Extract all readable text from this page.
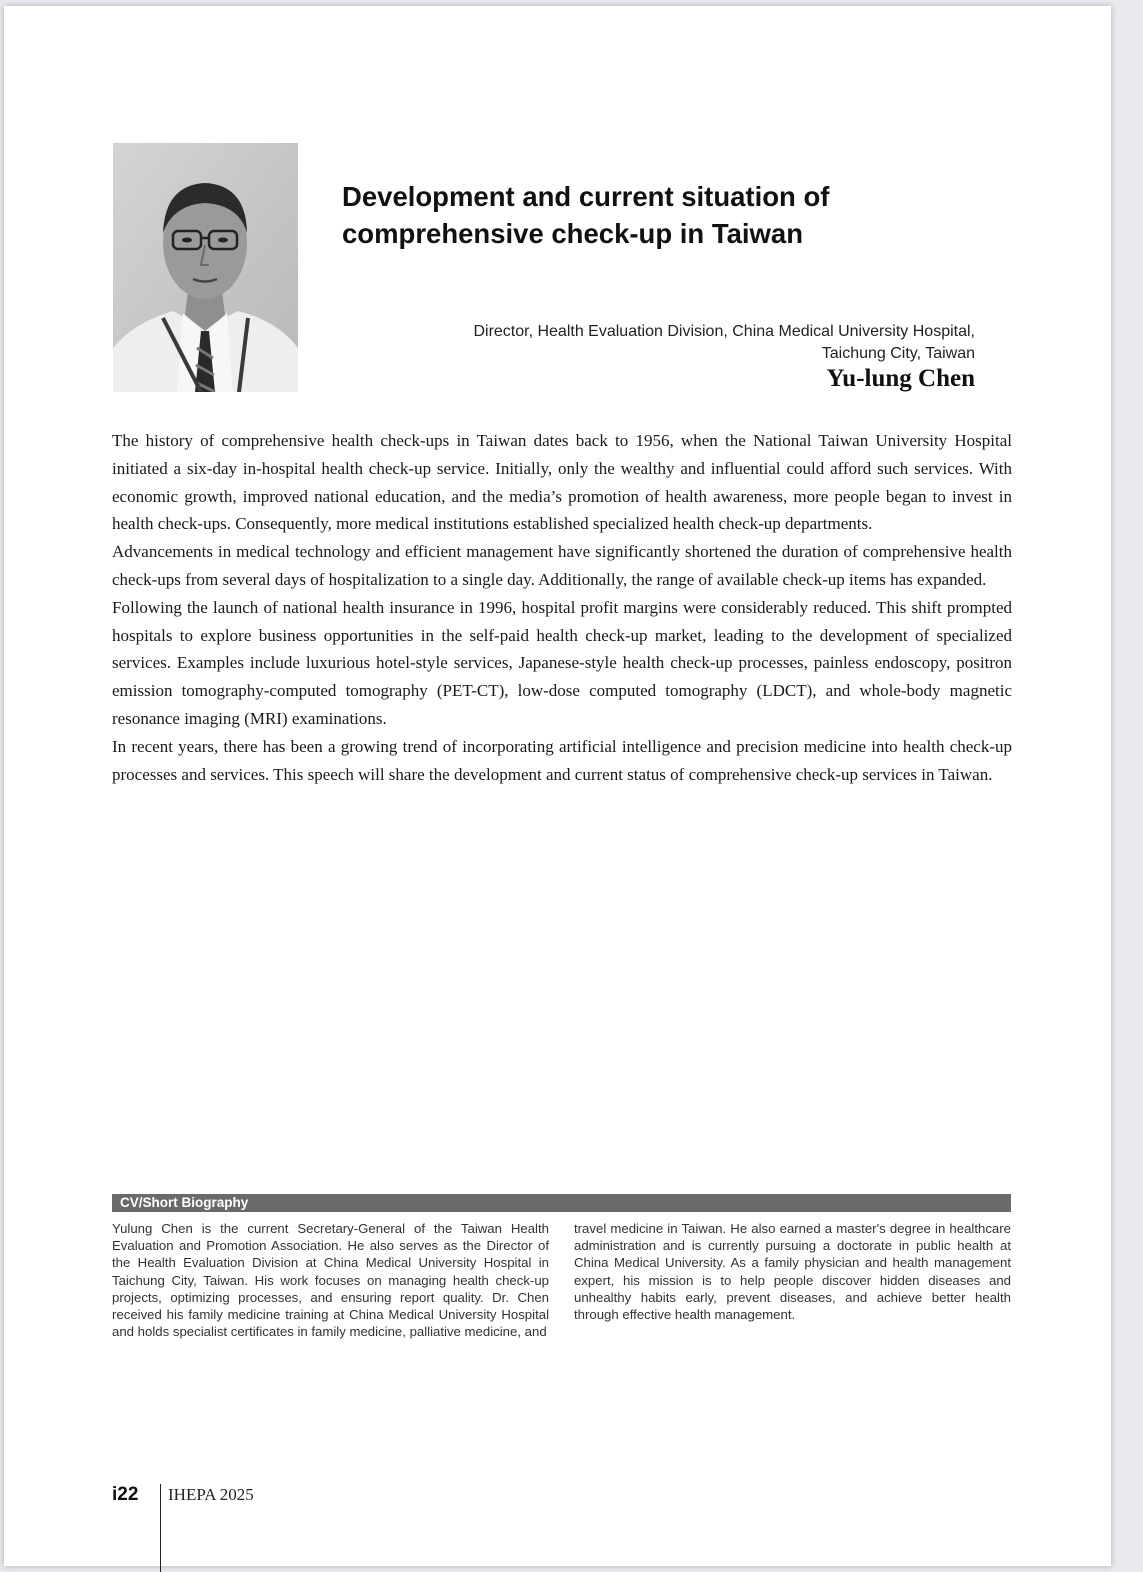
Development and current situation of
comprehensive check-up in Taiwan
Director, Health Evaluation Division, China Medical University Hospital,
Taichung City, Taiwan
Yu-lung Chen

The history of comprehensive health check-ups in Taiwan dates back to 1956, when the National Taiwan University Hospital initiated a six-day in-hospital health check-up service. Initially, only the wealthy and influential could afford such services. With economic growth, improved national education, and the media’s promotion of health awareness, more people began to invest in health check-ups. Consequently, more medical institutions established specialized health check-up departments.

Advancements in medical technology and efficient management have significantly shortened the duration of comprehensive health check-ups from several days of hospitalization to a single day. Additionally, the range of available check-up items has expanded.

Following the launch of national health insurance in 1996, hospital profit margins were considerably reduced. This shift prompted hospitals to explore business opportunities in the self-paid health check-up market, leading to the development of specialized services. Examples include luxurious hotel-style services, Japanese-style health check-up processes, painless endoscopy, positron emission tomography-computed tomography (PET-CT), low-dose computed tomography (LDCT), and whole-body magnetic resonance imaging (MRI) examinations.

In recent years, there has been a growing trend of incorporating artificial intelligence and precision medicine into health check-up processes and services. This speech will share the development and current status of comprehensive check-up services in Taiwan.

CV/Short Biography
Yulung Chen is the current Secretary-General of the Taiwan Health Evaluation and Promotion Association. He also serves as the Director of the Health Evaluation Division at China Medical University Hospital in Taichung City, Taiwan. His work focuses on managing health check-up projects, optimizing processes, and ensuring report quality. Dr. Chen received his family medicine training at China Medical University Hospital and holds specialist certificates in family medicine, palliative medicine, and
travel medicine in Taiwan. He also earned a master's degree in healthcare administration and is currently pursuing a doctorate in public health at China Medical University. As a family physician and health management expert, his mission is to help people discover hidden diseases and unhealthy habits early, prevent diseases, and achieve better health through effective health management.
i22 IHEPA 2025
